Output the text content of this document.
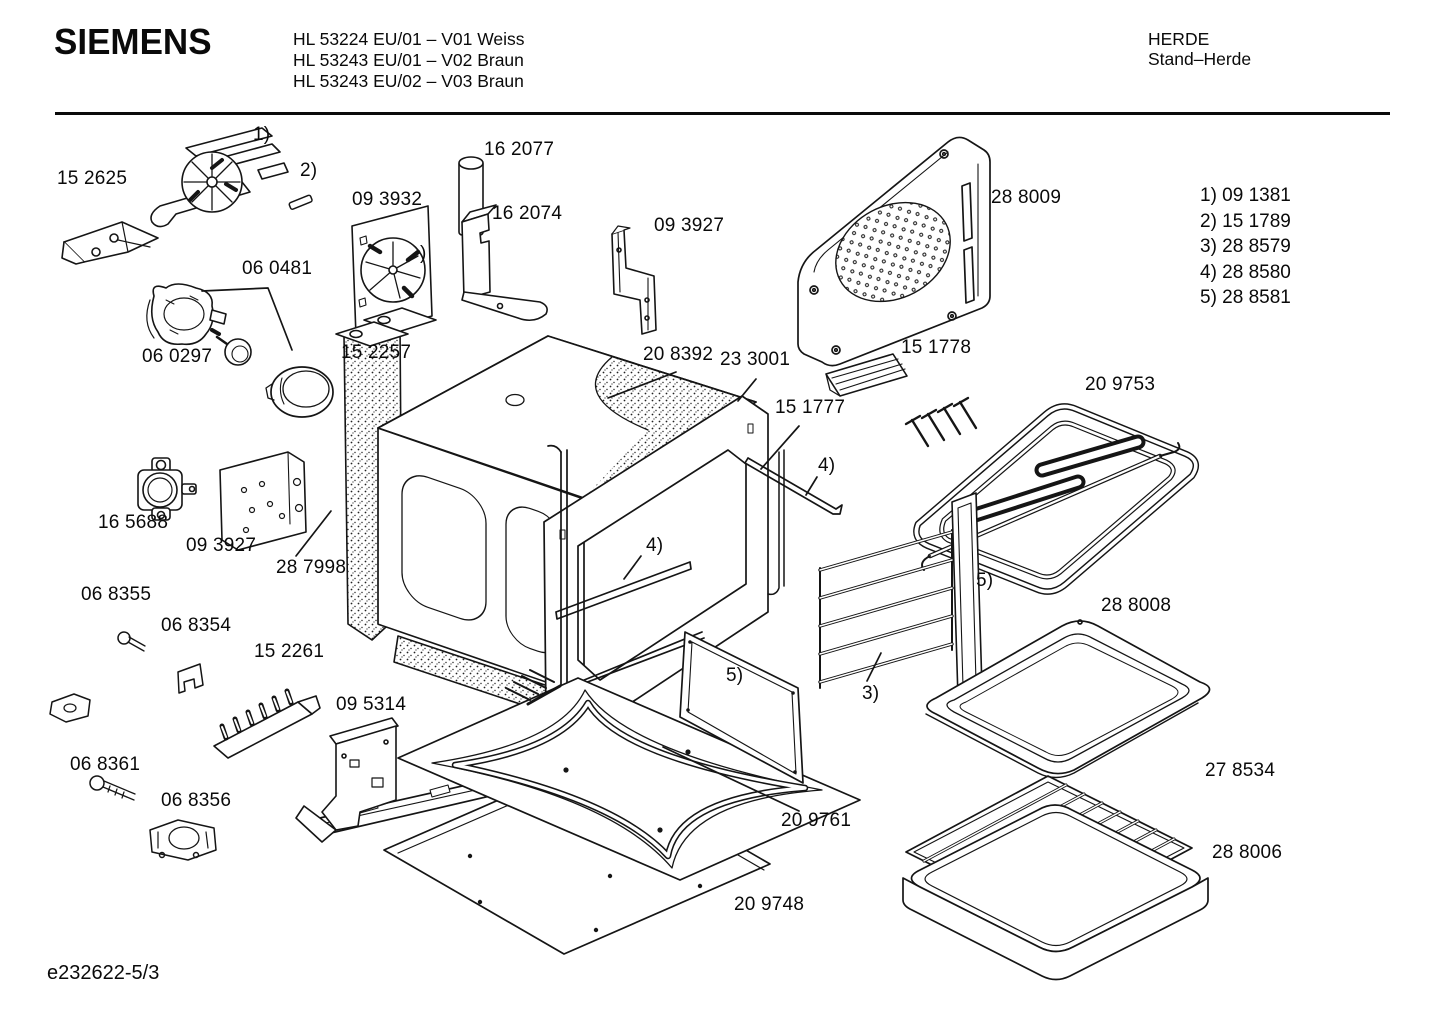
SIEMENS	HL 53224 EU/01 – V01 Weiss
HL 53243 EU/01 – V02 Braun
HL 53243 EU/02 – V03 Braun
HERDE
Stand–Herde
1)
15 2625	2)
09 3932
16 2077
16 2074
09 3927
28 8009
06 0481
)
06 0297	15 2257	20 8392 23 3001
15 1778
15 1777
20 9753
4)
16 5688
09 3927
28 7998
06 8355
4)
06 8354
15 2261
5)
28 8008
5)
3)
09 5314
06 8361	27 8534
06 8356
20 9761
28 8006
20 9748
1) 09 1381
2) 15 1789
3) 28 8579
4) 28 8580
5) 28 8581
e232622-5/3
